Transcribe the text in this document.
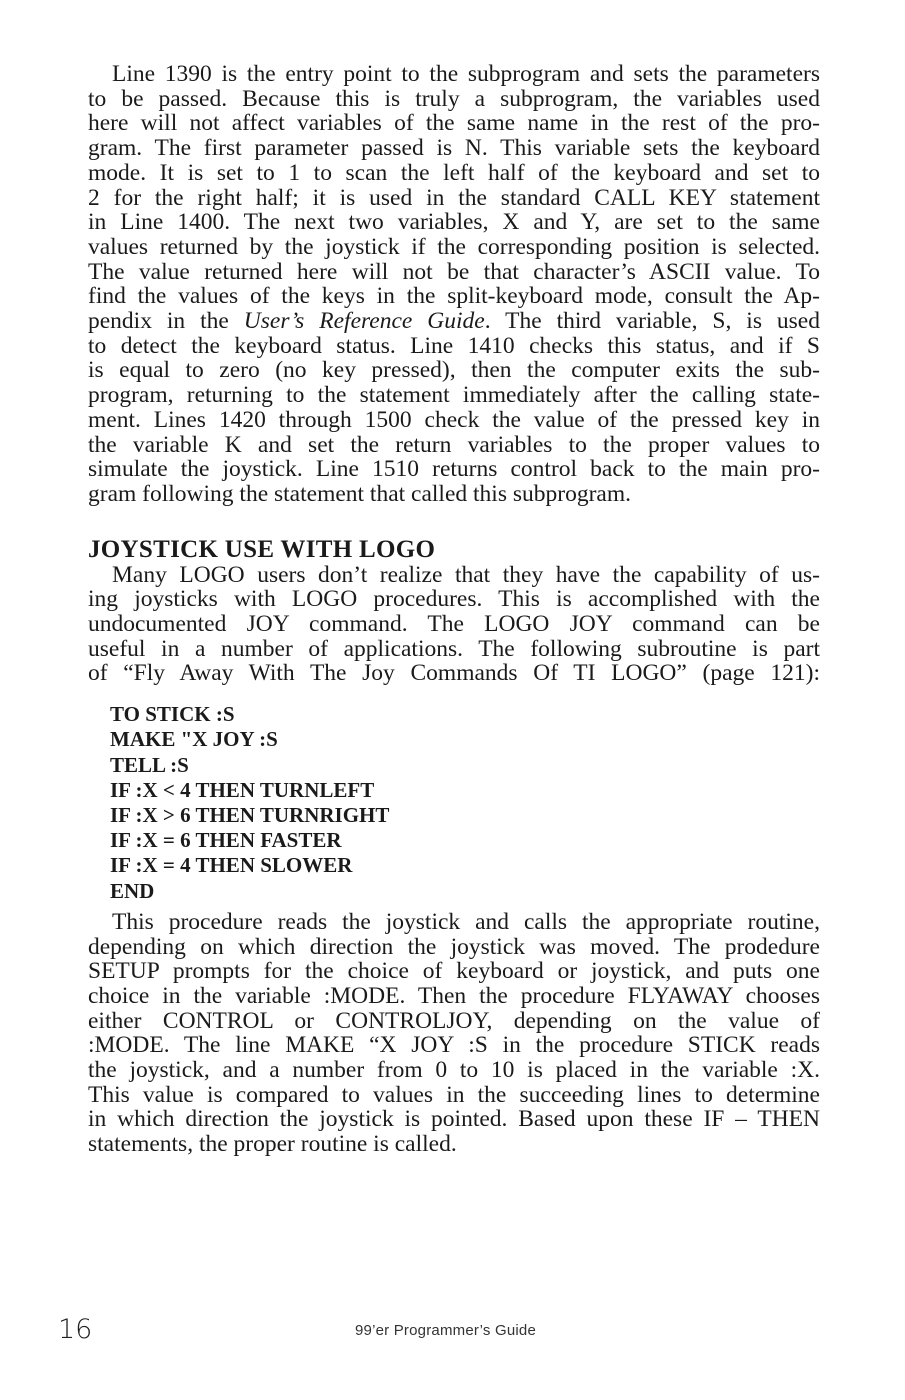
Line 1390 is the entry point to the subprogram and sets the parameters
to be passed. Because this is truly a subprogram, the variables used
here will not affect variables of the same name in the rest of the pro-
gram. The first parameter passed is N. This variable sets the keyboard
mode. It is set to 1 to scan the left half of the keyboard and set to
2 for the right half; it is used in the standard CALL KEY statement
in Line 1400. The next two variables, X and Y, are set to the same
values returned by the joystick if the corresponding position is selected.
The value returned here will not be that character’s ASCII value. To
find the values of the keys in the split-keyboard mode, consult the Ap-
pendix in the User’s Reference Guide. The third variable, S, is used
to detect the keyboard status. Line 1410 checks this status, and if S
is equal to zero (no key pressed), then the computer exits the sub-
program, returning to the statement immediately after the calling state-
ment. Lines 1420 through 1500 check the value of the pressed key in
the variable K and set the return variables to the proper values to
simulate the joystick. Line 1510 returns control back to the main pro-
gram following the statement that called this subprogram.
JOYSTICK USE WITH LOGO
Many LOGO users don’t realize that they have the capability of us-
ing joysticks with LOGO procedures. This is accomplished with the
undocumented JOY command. The LOGO JOY command can be
useful in a number of applications. The following subroutine is part
of “Fly Away With The Joy Commands Of TI LOGO” (page 121):
TO STICK :S
MAKE "X JOY :S
TELL :S
IF :X < 4 THEN TURNLEFT
IF :X > 6 THEN TURNRIGHT
IF :X = 6 THEN FASTER
IF :X = 4 THEN SLOWER
END
This procedure reads the joystick and calls the appropriate routine,
depending on which direction the joystick was moved. The prodedure
SETUP prompts for the choice of keyboard or joystick, and puts one
choice in the variable :MODE. Then the procedure FLYAWAY chooses
either CONTROL or CONTROLJOY, depending on the value of
:MODE. The line MAKE “X JOY :S in the procedure STICK reads
the joystick, and a number from 0 to 10 is placed in the variable :X.
This value is compared to values in the succeeding lines to determine
in which direction the joystick is pointed. Based upon these IF – THEN
statements, the proper routine is called.
16	99’er Programmer’s Guide
